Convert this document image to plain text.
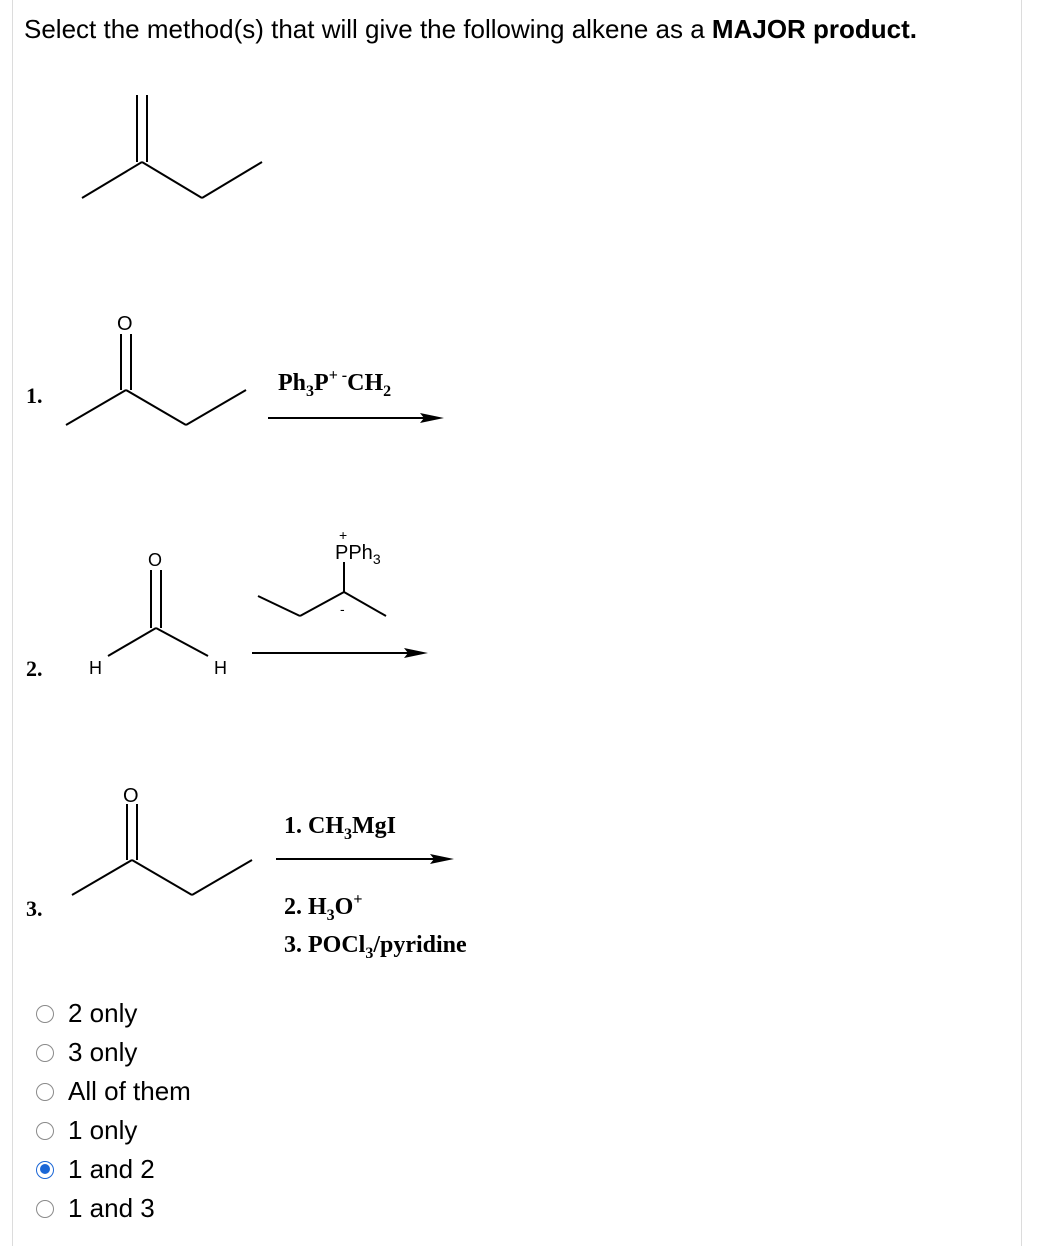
Select the method(s) that will give the following alkene as a MAJOR product.
1.
O
$Ph_3P^{+ -}CH_2$
2.	H	H
O
+
PPh$_3$
-
3.
O
1. $CH_3MgI$
2. $H_3O^+$
3. POCl$_3$/pyridine
2 only
3 only
All of them
1 only
1 and 2
1 and 3
